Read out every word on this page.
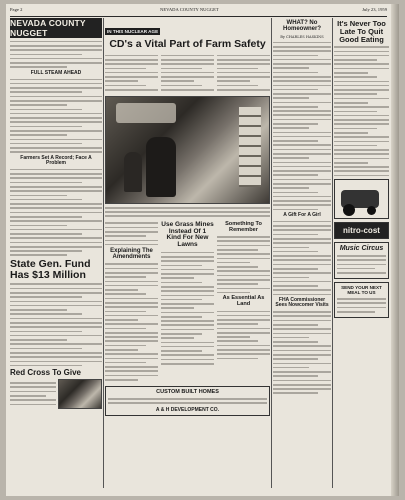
Page 2	NEVADA COUNTY NUGGET	July 23, 1959
NEVADA COUNTY NUGGET
FULL STEAM AHEAD
Farmers Set A Record; Face A Problem
State Gen. Fund Has $13 Million
Red Cross To Give
IN THIS NUCLEAR AGE
CD's a Vital Part of Farm Safety
Explaining The Amendments
Use Grass Mines Instead Of 1 Kind For New Lawns
Something To Remember
As Essential As Land
CUSTOM BUILT HOMES
A & H DEVELOPMENT CO.
WHAT? No Homeowner?
By CHARLES HASKINS
A Gift For A Girl
FHA Commissioner Sees Nowcomer Visits
It's Never Too Late To Quit Good Eating
nitro-cost
Music Circus
SEND YOUR NEXT MEAL TO US
